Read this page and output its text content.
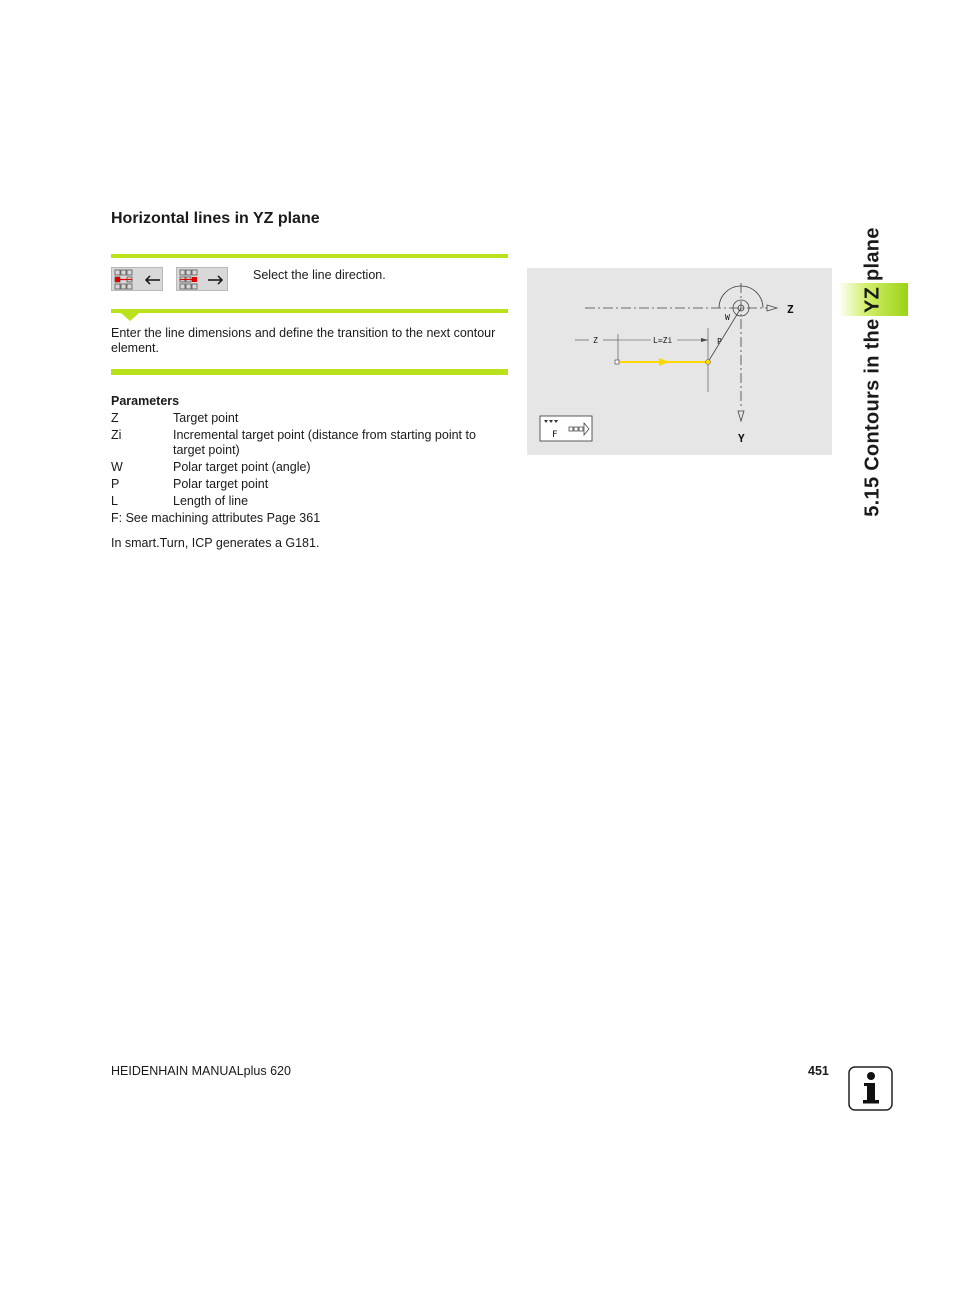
Horizontal lines in YZ plane
Select the line direction.
Enter the line dimensions and define the transition to the next contour element.
Parameters
Z	Target point
Zi	Incremental target point (distance from starting point to target point)
W	Polar target point (angle)
P	Polar target point
L	Length of line
F: See machining attributes Page 361
In smart.Turn, ICP generates a G181.
Z
Y
W
P
Z	L=Zi
F	5.15 Contours in the YZ plane
HEIDENHAIN MANUALplus 620	451
